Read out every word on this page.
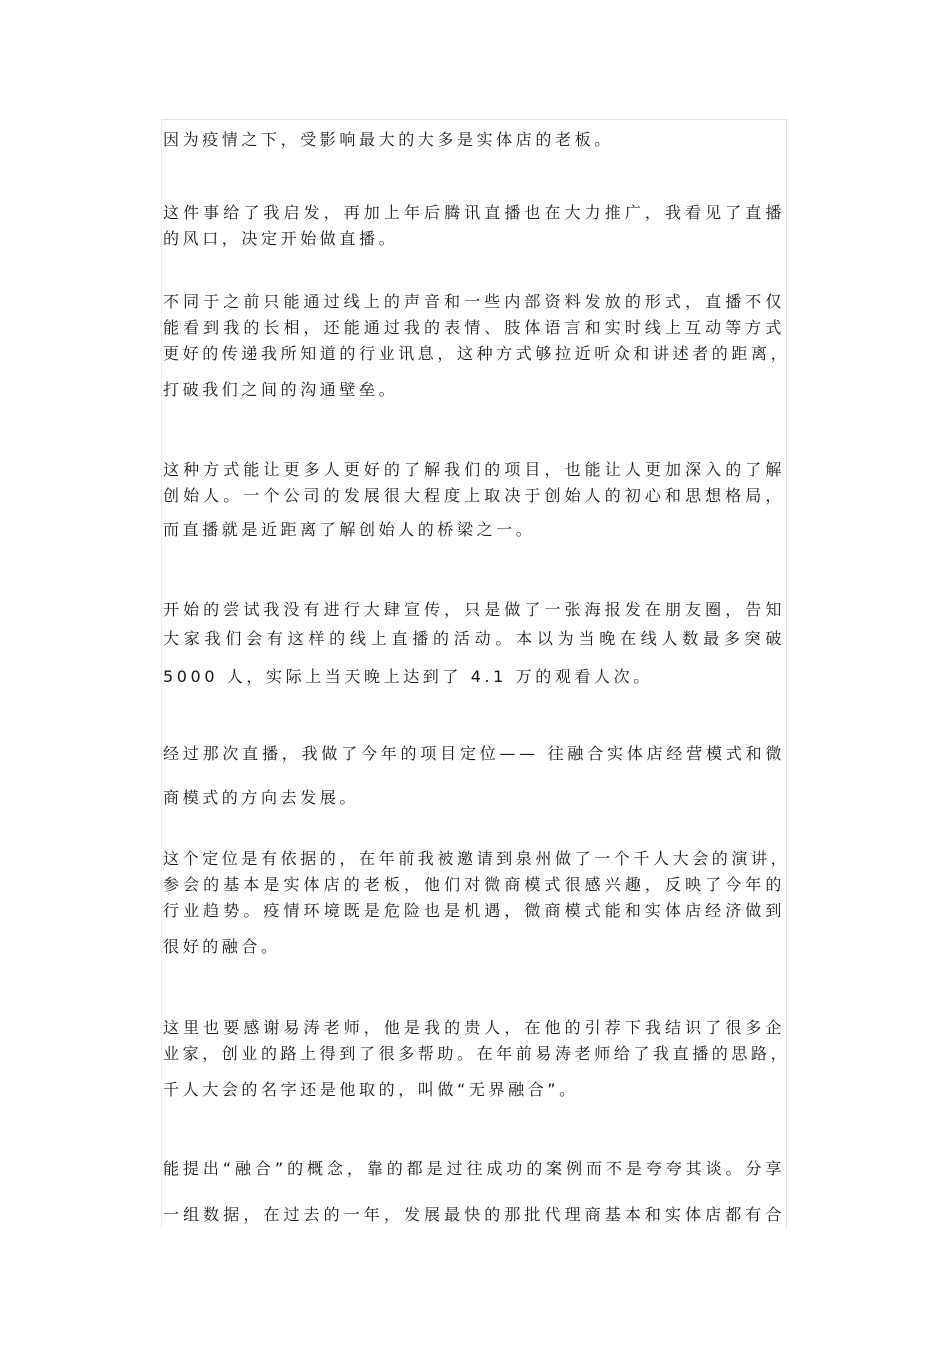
因为疫情之下，受影响最大的大多是实体店的老板。
这件事给了我启发，再加上年后腾讯直播也在大力推广，我看见了直播
的风口，决定开始做直播。
不同于之前只能通过线上的声音和一些内部资料发放的形式，直播不仅
能看到我的长相，还能通过我的表情、肢体语言和实时线上互动等方式
更好的传递我所知道的行业讯息，这种方式够拉近听众和讲述者的距离，
打破我们之间的沟通壁垒。
这种方式能让更多人更好的了解我们的项目，也能让人更加深入的了解
创始人。一个公司的发展很大程度上取决于创始人的初心和思想格局，
而直播就是近距离了解创始人的桥梁之一。
开始的尝试我没有进行大肆宣传，只是做了一张海报发在朋友圈，告知
大家我们会有这样的线上直播的活动。本以为当晚在线人数最多突破
5000 人，实际上当天晚上达到了 4.1 万的观看人次。
经过那次直播，我做了今年的项目定位—— 往融合实体店经营模式和微
商模式的方向去发展。
这个定位是有依据的，在年前我被邀请到泉州做了一个千人大会的演讲，
参会的基本是实体店的老板，他们对微商模式很感兴趣，反映了今年的
行业趋势。疫情环境既是危险也是机遇，微商模式能和实体店经济做到
很好的融合。
这里也要感谢易涛老师，他是我的贵人，在他的引荐下我结识了很多企
业家，创业的路上得到了很多帮助。在年前易涛老师给了我直播的思路，
千人大会的名字还是他取的，叫做“无界融合”。
能提出“融合”的概念，靠的都是过往成功的案例而不是夸夸其谈。分享
一组数据，在过去的一年，发展最快的那批代理商基本和实体店都有合
